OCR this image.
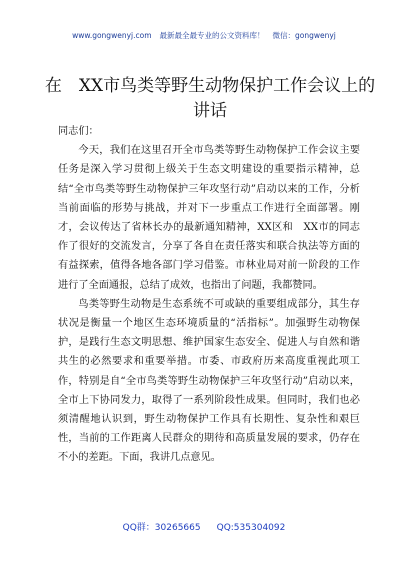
www.gongwenyj.com 最新最全最专业的公文资料库！ 微信：gongwenyj
在　XX市鸟类等野生动物保护工作会议上的讲话

同志们：

今天，我们在这里召开全市鸟类等野生动物保护工作会议主要任务是深入学习贯彻上级关于生态文明建设的重要指示精神，总结“全市鸟类等野生动物保护三年攻坚行动”启动以来的工作，分析当前面临的形势与挑战，并对下一步重点工作进行全面部署。刚才，会议传达了省林长办的最新通知精神，XX区和　XX市的同志作了很好的交流发言，分享了各自在责任落实和联合执法等方面的有益探索，值得各地各部门学习借鉴。市林业局对前一阶段的工作进行了全面通报，总结了成效，也指出了问题，我都赞同。

鸟类等野生动物是生态系统不可或缺的重要组成部分，其生存状况是衡量一个地区生态环境质量的“活指标”。加强野生动物保护，是践行生态文明思想、维护国家生态安全、促进人与自然和谐共生的必然要求和重要举措。市委、市政府历来高度重视此项工作，特别是自“全市鸟类等野生动物保护三年攻坚行动”启动以来，全市上下协同发力，取得了一系列阶段性成果。但同时，我们也必须清醒地认识到，野生动物保护工作具有长期性、复杂性和艰巨性，当前的工作距离人民群众的期待和高质量发展的要求，仍存在不小的差距。下面，我讲几点意见。

QQ群：30265665 QQ:535304092
